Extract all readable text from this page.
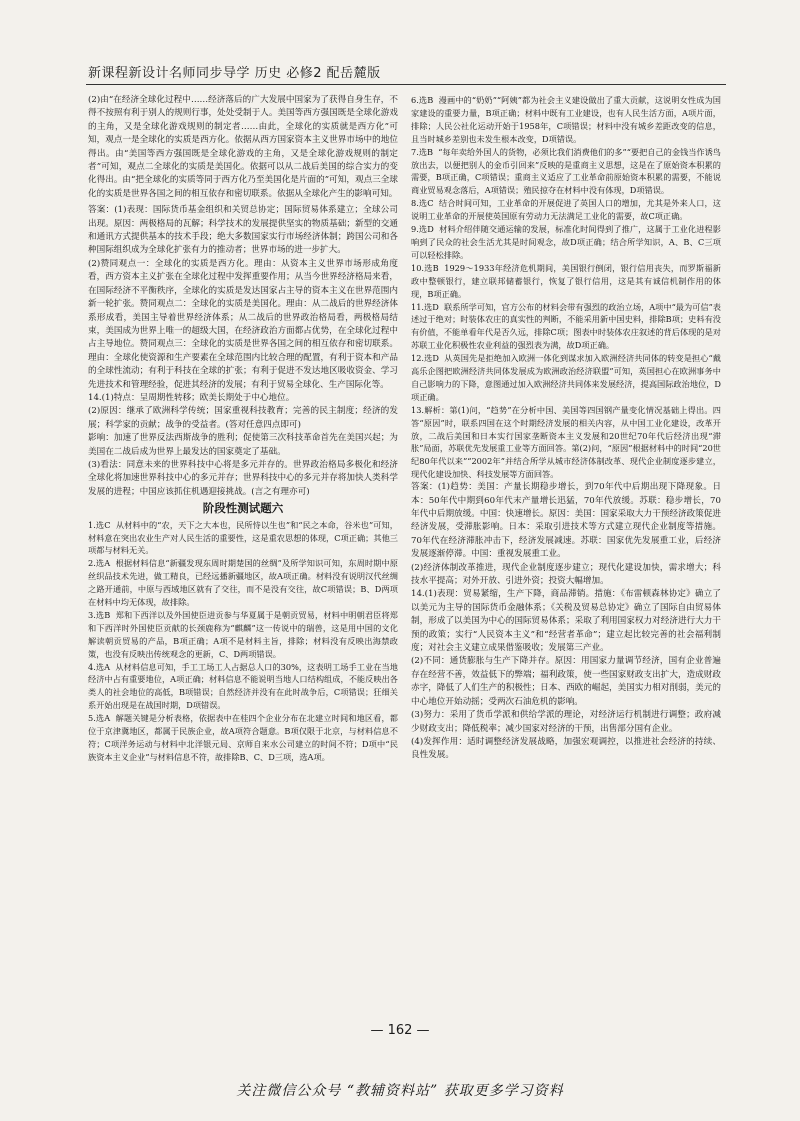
新课程新设计名师同步导学 历史 必修2 配岳麓版

(2)由“在经济全球化过程中……经济落后的广大发展中国家为了获得自身生存，不得不按照有利于别人的规则行事，处处受制于人。美国等西方强国既是全球化游戏的主角，又是全球化游戏规则的制定者……由此，全球化的实质就是西方化”可知，观点一是全球化的实质是西方化。依据从西方国家资本主义世界市场中的地位得出。由“美国等西方强国既是全球化游戏的主角，又是全球化游戏规则的制定者”可知，观点二全球化的实质是美国化。依据可以从二战后美国的综合实力的变化得出。由“把全球化的实质等同于西方化乃至美国化是片面的”可知，观点三全球化的实质是世界各国之间的相互依存和密切联系。依据从全球化产生的影响可知。

答案：(1)表现：国际货币基金组织和关贸总协定；国际贸易体系建立；全球公司出现。原因：两极格局的瓦解；科学技术的发展提供坚实的物质基础；新型的交通和通讯方式提供基本的技术手段；绝大多数国家实行市场经济体制；跨国公司和各种国际组织成为全球化扩张有力的推动者；世界市场的进一步扩大。

(2)赞同观点一：全球化的实质是西方化。理由：从资本主义世界市场形成角度看，西方资本主义扩张在全球化过程中发挥重要作用；从当今世界经济格局来看，在国际经济不平衡秩序，全球化的实质是发达国家占主导的资本主义在世界范围内新一轮扩张。赞同观点二：全球化的实质是美国化。理由：从二战后的世界经济体系形成看，美国主导着世界经济体系；从二战后的世界政治格局看，两极格局结束，美国成为世界上唯一的超级大国，在经济政治方面都占优势，在全球化过程中占主导地位。赞同观点三：全球化的实质是世界各国之间的相互依存和密切联系。理由：全球化使资源和生产要素在全球范围内比较合理的配置，有利于资本和产品的全球性流动；有利于科技在全球的扩张；有利于促进不发达地区吸收资金、学习先进技术和管理经验，促进其经济的发展；有利于贸易全球化、生产国际化等。

14.(1)特点：呈周期性转移；欧美长期处于中心地位。

(2)原因：继承了欧洲科学传统；国家重视科技教育；完善的民主制度；经济的发展；科学家的贡献；战争的受益者。(答对任意四点即可)

影响：加速了世界反法西斯战争的胜利；促使第三次科技革命首先在美国兴起；为美国在二战后成为世界上最发达的国家奠定了基础。

(3)看法：同意未来的世界科技中心将是多元并存的。世界政治格局多极化和经济全球化将加速世界科技中心的多元并存；世界科技中心的多元并存将加快人类科学发展的进程；中国应该抓住机遇迎接挑战。(言之有理亦可)

阶段性测试题六

1.选C  从材料中的“农，天下之大本也，民所恃以生也”和“民之本命，谷米也”可知，材料意在突出农业生产对人民生活的重要性，这是重农思想的体现，C项正确；其他三项都与材料无关。

2.选A  根据材料信息“新疆发现东周时期楚国的丝绸”及所学知识可知，东周时期中原丝织品技术先进，做工精良，已经远播新疆地区，故A项正确。材料没有说明汉代丝绸之路开通前，中原与西域地区就有了交往，而不是没有交往，故C项错误；B、D两项在材料中均无体现，故排除。

3.选B  郑和下西洋以及外国使臣进贡参与华夏属于是朝贡贸易，材料中明朝君臣将郑和下西洋时外国使臣贡献的长颈鹿称为“麒麟”这一传说中的瑞兽，这是用中国的文化解读朝贡贸易的产品，B项正确；A项不是材料主旨，排除；材料没有反映出海禁政策，也没有反映出传统观念的更新，C、D两项错误。

4.选A  从材料信息可知，手工工场工人占据总人口的30%，这表明工场手工业在当地经济中占有重要地位，A项正确；材料信息不能说明当地人口结构组成，不能反映出各类人的社会地位的高低，B项错误；自然经济并没有在此时战争后，C项错误；狂细关系开始出现是在战国时期，D项错误。

5.选A  解题关键是分析表格，依据表中在桂四个企业分布在北建立时间和地区看，都位于京津冀地区，都属于民族企业，故A项符合题意。B项仅限于北京，与材料信息不符；C项洋务运动与材料中北洋银元局、京师自来水公司建立的时间不符；D项中“民族资本主义企业”与材料信息不符，故排除B、C、D三项，选A项。

6.选B  漫画中的“奶奶”“阿姨”都为社会主义建设做出了重大贡献，这说明女性成为国家建设的重要力量，B项正确；材料中既有工业建设，也有人民生活方面，A项片面，排除；人民公社化运动开始于1958年，C项错误；材料中没有城乡差距改变的信息，且当时城乡差别也未发生根本改变，D项错误。

7.选B  “每年卖给外国人的货物，必须比我们消费他们的多”“要把自己的金钱当作诱鸟放出去，以便把别人的金币引回来”反映的是重商主义思想，这是在了原始资本积累的需要，B项正确，C项错误；重商主义适应了工业革命前原始资本积累的需要，不能说商业贸易观念落后，A项错误；殖民掠夺在材料中没有体现，D项错误。

8.选C  结合时间可知，工业革命的开展促进了英国人口的增加，尤其是外来人口，这说明工业革命的开展使英国原有劳动力无法满足工业化的需要，故C项正确。

9.选D  材料介绍伴随交通运输的发展，标准化时间得到了推广，这属于工业化进程影响到了民众的社会生活尤其是时间观念，故D项正确；结合所学知识，A、B、C三项可以轻松排除。

10.选B  1929～1933年经济危机期间，美国银行倒闭，银行信用丧失，而罗斯福新政中整顿银行，建立联邦储蓄银行，恢复了银行信用，这是其有诚信机制作用的体现，B项正确。

11.选D  联系所学可知，官方公布的材料会带有强烈的政治立场，A项中“最为可信”表述过于绝对；时装体农庄的真实性的判断，不能采用新中国史料，排除B项；史料有没有价值，不能单看年代是否久远，排除C项；图表中时装体农庄叙述的背后体现的是对苏联工业化积极性农业利益的强烈表为满，故D项正确。

12.选D  从英国先是拒绝加入欧洲一体化到谋求加入欧洲经济共同体的转变是担心“戴高乐企图把欧洲经济共同体发展成为欧洲政治经济联盟”可知，英国担心在欧洲事务中自己影响力的下降，意图通过加入欧洲经济共同体来发展经济，提高国际政治地位，D项正确。

13.解析：第(1)问，“趋势”在分析中国、美国等四国钢产量变化情况基础上得出。四答“原因”时，联系四国在这个时期经济发展的相关内容，从中国工业化建设，改革开放，二战后美国和日本实行国家垄断资本主义发展和20世纪70年代后经济出现“滞胀”局面，苏联优先发展重工业等方面回答。第(2)问，“原因”根据材料中的时间“20世纪80年代以来”“2002年”并结合所学从城市经济体制改革、现代企业制度逐步建立，现代化建设加快、科技发展等方面回答。

答案：(1)趋势：美国：产量长期稳步增长，到70年代中后期出现下降现象。日本：50年代中期到60年代末产量增长迅猛，70年代放缓。苏联：稳步增长，70年代中后期放缓。中国：快速增长。原因：美国：国家采取大力干预经济政策促进经济发展，受滞胀影响。日本：采取引进技术等方式建立现代企业制度等措施。70年代在经济滞胀冲击下，经济发展减速。苏联：国家优先发展重工业，后经济发展逐渐停滞。中国：重视发展重工业。

(2)经济体制改革推进，现代企业制度逐步建立；现代化建设加快，需求增大；科技水平提高；对外开放、引进外资；投资大幅增加。

14.(1)表现：贸易紧缩，生产下降，商品滞销。措施：《布雷顿森林协定》确立了以美元为主导的国际货币金融体系；《关税及贸易总协定》确立了国际自由贸易体制，形成了以美国为中心的国际贸易体系；采取了利用国家权力对经济进行大力干预的政策；实行“人民资本主义”和“经营者革命”；建立起比较完善的社会福利制度；对社会主义建立成果借鉴吸收；发展第三产业。

(2)不同：通货膨胀与生产下降并存。原因：用国家力量调节经济，国有企业普遍存在经营不善，效益低下的弊端；福利政策，使一些国家财政支出扩大，造成财政赤字，降低了人们生产的积极性；日本、西欧的崛起，美国实力相对削弱，美元的中心地位开始动摇；受两次石油危机的影响。

(3)努力：采用了货币学派和供给学派的理论，对经济运行机制进行调整；政府减少财政支出；降低税率；减少国家对经济的干预，出售部分国有企业。

(4)发挥作用：适时调整经济发展战略，加强宏观调控，以推进社会经济的持续、良性发展。

— 162 —
关注微信公众号 “教辅资料站” 获取更多学习资料
